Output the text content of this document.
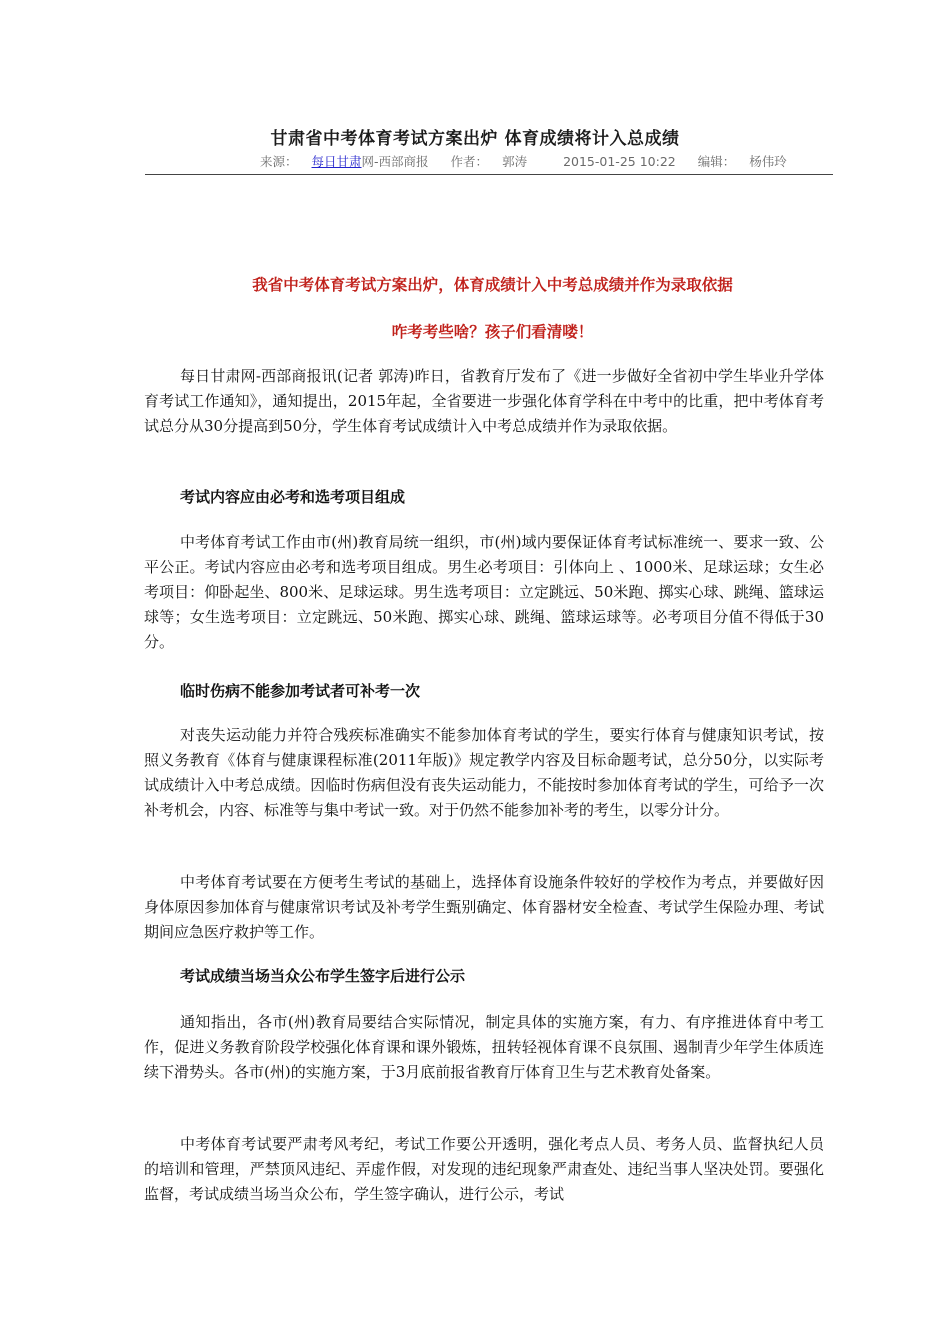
甘肃省中考体育考试方案出炉 体育成绩将计入总成绩
来源： 每日甘肃网-西部商报 作者： 郭涛	2015-01-25 10:22 编辑： 杨伟玲
我省中考体育考试方案出炉，体育成绩计入中考总成绩并作为录取依据
咋考考些啥？孩子们看清喽！

每日甘肃网-西部商报讯(记者 郭涛)昨日，省教育厅发布了《进一步做好全省初中学生毕业升学体育考试工作通知》，通知提出，2015年起，全省要进一步强化体育学科在中考中的比重，把中考体育考试总分从30分提高到50分，学生体育考试成绩计入中考总成绩并作为录取依据。

考试内容应由必考和选考项目组成

中考体育考试工作由市(州)教育局统一组织，市(州)域内要保证体育考试标准统一、要求一致、公平公正。考试内容应由必考和选考项目组成。男生必考项目：引体向上 、1000米、足球运球；女生必考项目：仰卧起坐、800米、足球运球。男生选考项目：立定跳远、50米跑、掷实心球、跳绳、篮球运球等；女生选考项目：立定跳远、50米跑、掷实心球、跳绳、篮球运球等。必考项目分值不得低于30分。

临时伤病不能参加考试者可补考一次

对丧失运动能力并符合残疾标准确实不能参加体育考试的学生，要实行体育与健康知识考试，按照义务教育《体育与健康课程标准(2011年版)》规定教学内容及目标命题考试，总分50分，以实际考试成绩计入中考总成绩。因临时伤病但没有丧失运动能力，不能按时参加体育考试的学生，可给予一次补考机会，内容、标准等与集中考试一致。对于仍然不能参加补考的考生，以零分计分。

中考体育考试要在方便考生考试的基础上，选择体育设施条件较好的学校作为考点，并要做好因身体原因参加体育与健康常识考试及补考学生甄别确定、体育器材安全检查、考试学生保险办理、考试期间应急医疗救护等工作。

考试成绩当场当众公布学生签字后进行公示

通知指出，各市(州)教育局要结合实际情况，制定具体的实施方案，有力、有序推进体育中考工作，促进义务教育阶段学校强化体育课和课外锻炼，扭转轻视体育课不良氛围、遏制青少年学生体质连续下滑势头。各市(州)的实施方案，于3月底前报省教育厅体育卫生与艺术教育处备案。

中考体育考试要严肃考风考纪，考试工作要公开透明，强化考点人员、考务人员、监督执纪人员的培训和管理，严禁顶风违纪、弄虚作假，对发现的违纪现象严肃查处、违纪当事人坚决处罚。要强化监督，考试成绩当场当众公布，学生签字确认，进行公示，考试
